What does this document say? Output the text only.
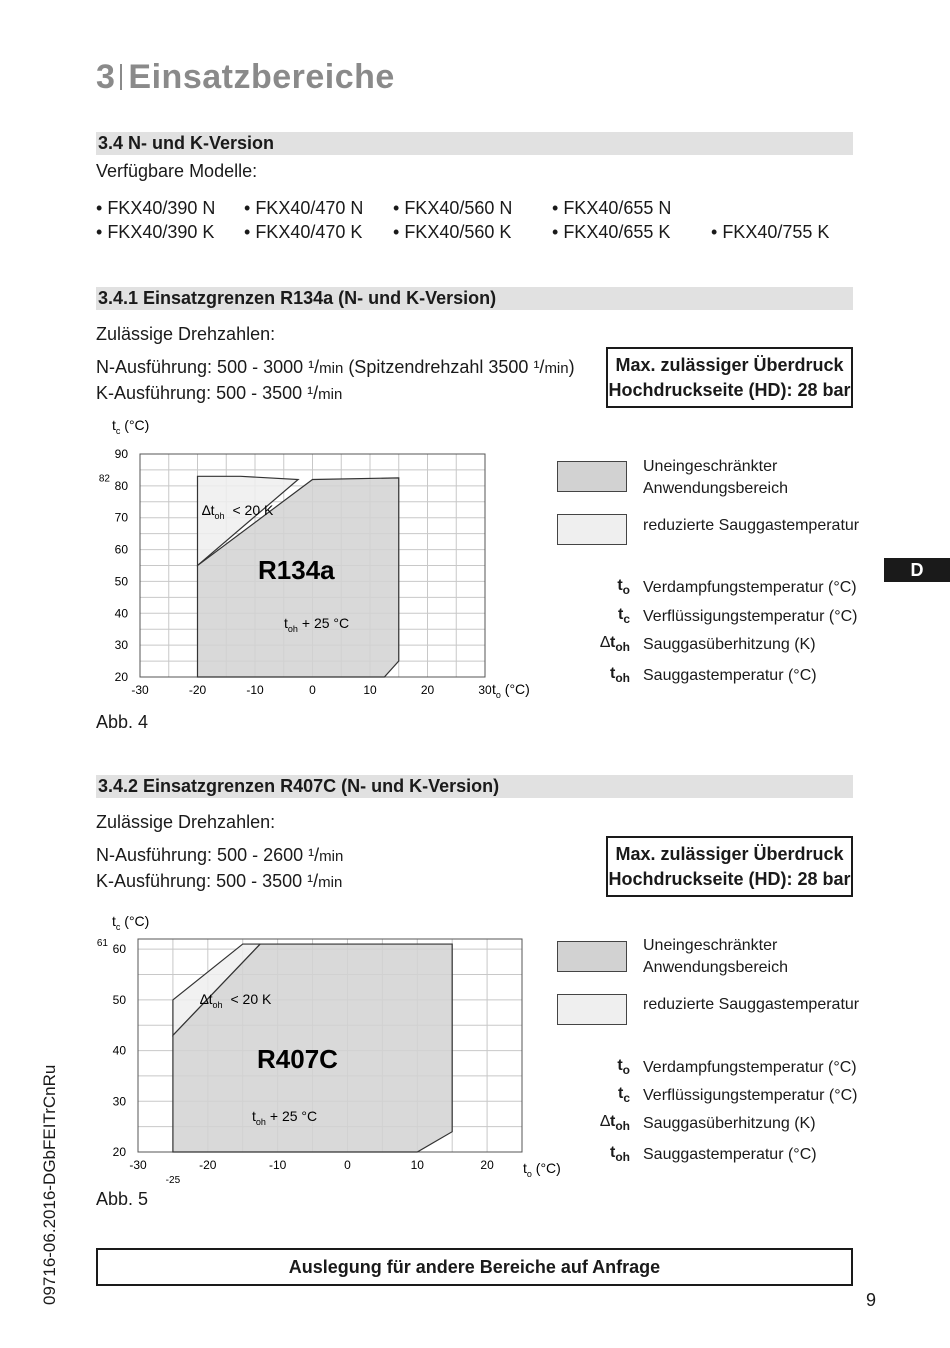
3 Einsatzbereiche
3.4 N- und K-Version
Verfügbare Modelle:
• FKX40/390 N • FKX40/470 N • FKX40/560 N • FKX40/655 N
• FKX40/390 K • FKX40/470 K • FKX40/560 K • FKX40/655 K • FKX40/755 K
3.4.1 Einsatzgrenzen R134a (N- und K-Version)
Zulässige Drehzahlen:
N-Ausführung: 500 - 3000 ¹/min (Spitzendrehzahl 3500 ¹/min)
K-Ausführung: 500 - 3500 ¹/min
Max. zulässiger Überdruck
Hochdruckseite (HD): 28 bar
-30	-20	-10	0	10	20	30
20
30
40
50
60
70
80
90
82
$t_c$ (°C)
$t_o$ (°C)
R134a
$\Delta t_{oh} < 20$ K
$t_{oh} + 25$ °C
Abb. 4
Uneingeschränkter
Anwendungsbereich
reduzierte Sauggastemperatur
$t_o$ Verdampfungstemperatur (°C)
$t_c$ Verflüssigungstemperatur (°C)
$\Delta t_{oh}$ Sauggasüberhitzung (K)
$t_{oh}$ Sauggastemperatur (°C)
D
3.4.2 Einsatzgrenzen R407C (N- und K-Version)
Zulässige Drehzahlen:
N-Ausführung: 500 - 2600 ¹/min
K-Ausführung: 500 - 3500 ¹/min
Max. zulässiger Überdruck
Hochdruckseite (HD): 28 bar
-30	-20	-10	0	10	20
20
30
40
50
60
61
-25
$t_c$ (°C)
$t_o$ (°C)
R407C
$\Delta t_{oh} < 20$ K
$t_{oh} + 25$ °C
Abb. 5
Uneingeschränkter
Anwendungsbereich
reduzierte Sauggastemperatur
$t_o$ Verdampfungstemperatur (°C)
$t_c$ Verflüssigungstemperatur (°C)
$\Delta t_{oh}$ Sauggasüberhitzung (K)
$t_{oh}$ Sauggastemperatur (°C)
Auslegung für andere Bereiche auf Anfrage
09716-06.2016-DGbFEITrCnRu	9
